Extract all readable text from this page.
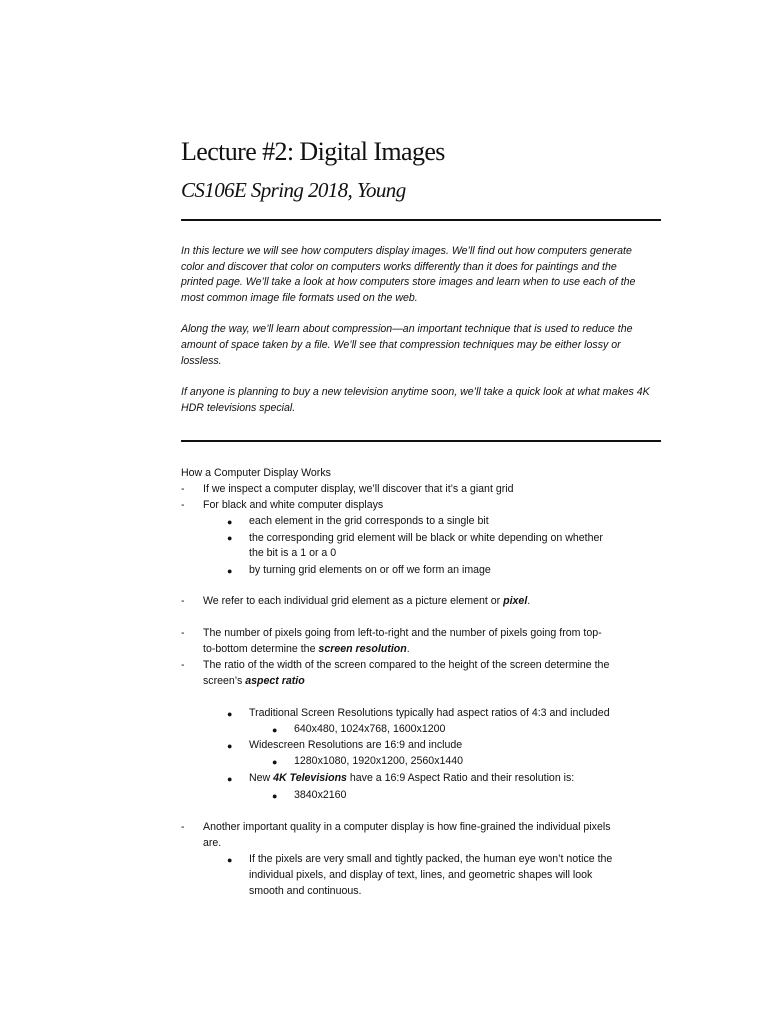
Lecture #2: Digital Images
CS106E Spring 2018, Young

In this lecture we will see how computers display images. We’ll find out how computers generate color and discover that color on computers works differently than it does for paintings and the printed page. We’ll take a look at how computers store images and learn when to use each of the most common image file formats used on the web.

Along the way, we’ll learn about compression—an important technique that is used to reduce the amount of space taken by a file. We’ll see that compression techniques may be either lossy or lossless.

If anyone is planning to buy a new television anytime soon, we’ll take a quick look at what makes 4K HDR televisions special.

How a Computer Display Works
- If we inspect a computer display, we’ll discover that it’s a giant grid
- For black and white computer displays
● each element in the grid corresponds to a single bit
● the corresponding grid element will be black or white depending on whether
the bit is a 1 or a 0
● by turning grid elements on or off we form an image
- We refer to each individual grid element as a picture element or pixel.
- The number of pixels going from left-to-right and the number of pixels going from top-
to-bottom determine the screen resolution.
- The ratio of the width of the screen compared to the height of the screen determine the
screen’s aspect ratio
● Traditional Screen Resolutions typically had aspect ratios of 4:3 and included
● 640x480, 1024x768, 1600x1200
● Widescreen Resolutions are 16:9 and include
● 1280x1080, 1920x1200, 2560x1440
● New 4K Televisions have a 16:9 Aspect Ratio and their resolution is:
● 3840x2160
- Another important quality in a computer display is how fine-grained the individual pixels
are.
● If the pixels are very small and tightly packed, the human eye won’t notice the
individual pixels, and display of text, lines, and geometric shapes will look
smooth and continuous.
